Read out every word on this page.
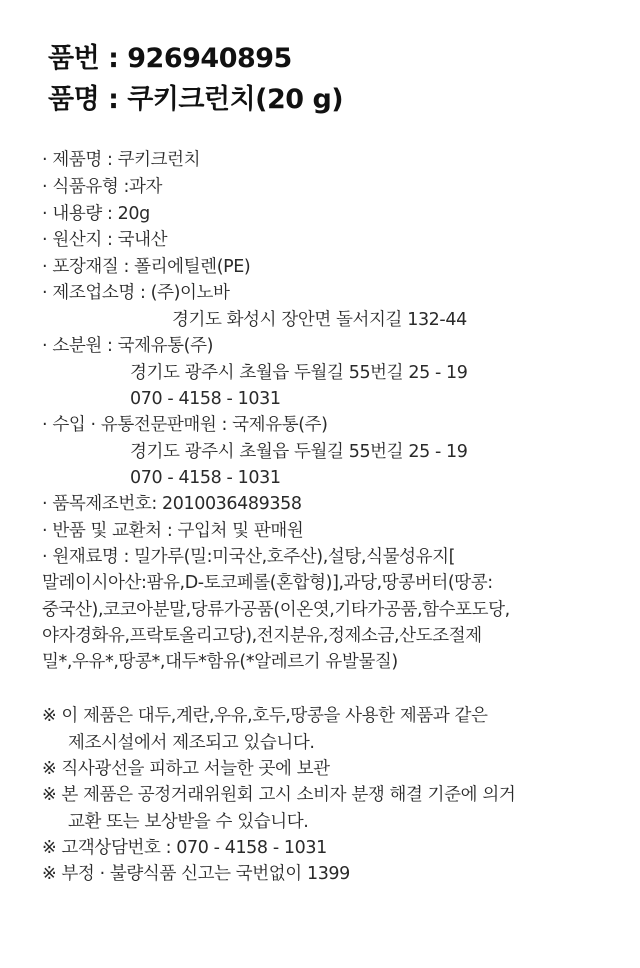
품번 : 926940895
품명 : 쿠키크런치(20 g)
· 제품명 : 쿠키크런치
· 식품유형 :과자
· 내용량 : 20g
· 원산지 : 국내산
· 포장재질 : 폴리에틸렌(PE)
· 제조업소명 : (주)이노바
경기도 화성시 장안면 돌서지길 132-44
· 소분원 : 국제유통(주)
경기도 광주시 초월읍 두월길 55번길 25 - 19
070 - 4158 - 1031
· 수입 · 유통전문판매원 : 국제유통(주)
경기도 광주시 초월읍 두월길 55번길 25 - 19
070 - 4158 - 1031
· 품목제조번호: 2010036489358
· 반품 및 교환처 : 구입처 및 판매원
· 원재료명 : 밀가루(밀:미국산,호주산),설탕,식물성유지[
말레이시아산:팜유,D-토코페롤(혼합형)],과당,땅콩버터(땅콩:
중국산),코코아분말,당류가공품(이온엿,기타가공품,함수포도당,
야자경화유,프락토올리고당),전지분유,정제소금,산도조절제
밀*,우유*,땅콩*,대두*함유(*알레르기 유발물질)
※ 이 제품은 대두,계란,우유,호두,땅콩을 사용한 제품과 같은
제조시설에서 제조되고 있습니다.
※ 직사광선을 피하고 서늘한 곳에 보관
※ 본 제품은 공정거래위원회 고시 소비자 분쟁 해결 기준에 의거
교환 또는 보상받을 수 있습니다.
※ 고객상담번호 : 070 - 4158 - 1031
※ 부정 · 불량식품 신고는 국번없이 1399
